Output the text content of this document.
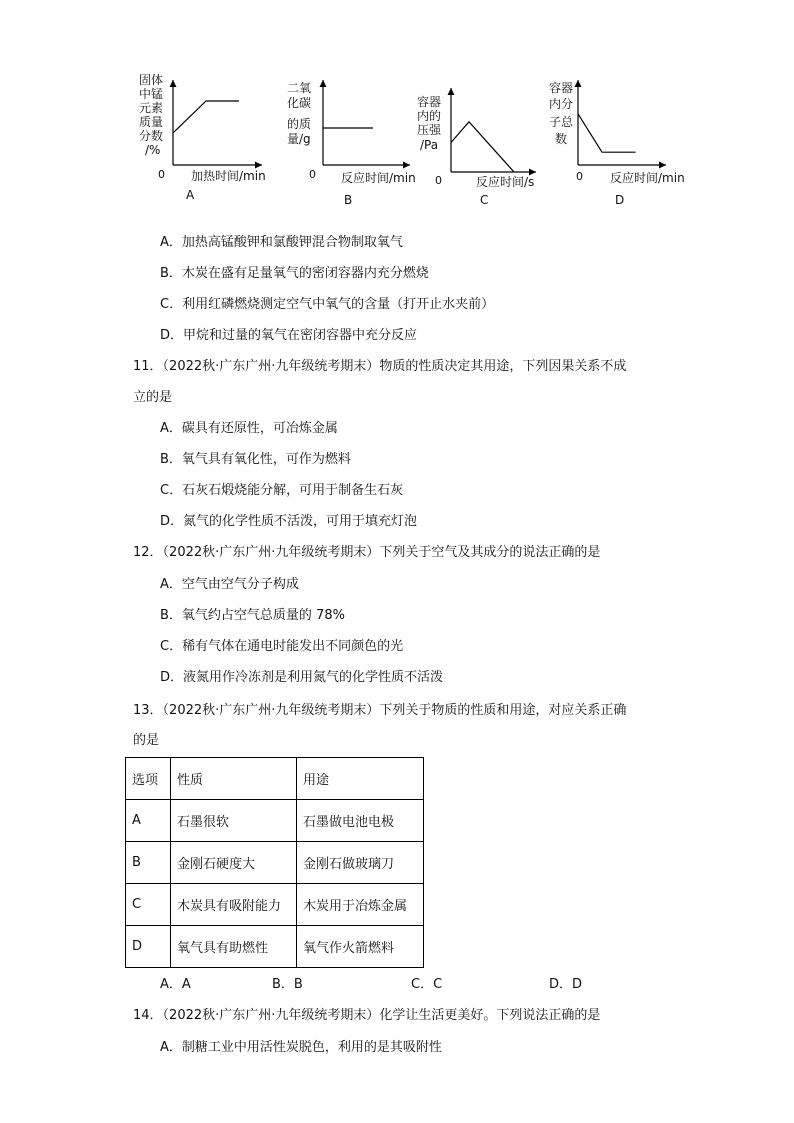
固体
中锰
元素
质量
分数
/%
0 加热时间/min
A
二氧
化碳
的质
量/g
0 反应时间/min
B
容器
内的
压强
/Pa
0	反应时间/s
C
容器
内分
子总
数
0 反应时间/min
D
A．加热高锰酸钾和氯酸钾混合物制取氧气
B．木炭在盛有足量氧气的密闭容器内充分燃烧
C．利用红磷燃烧测定空气中氧气的含量（打开止水夹前）
D．甲烷和过量的氧气在密闭容器中充分反应
11．（2022秋·广东广州·九年级统考期末）物质的性质决定其用途，下列因果关系不成
立的是
A．碳具有还原性，可冶炼金属
B．氧气具有氧化性，可作为燃料
C．石灰石煅烧能分解，可用于制备生石灰
D．氮气的化学性质不活泼，可用于填充灯泡
12．（2022秋·广东广州·九年级统考期末）下列关于空气及其成分的说法正确的是
A．空气由空气分子构成
B．氧气约占空气总质量的 78%
C．稀有气体在通电时能发出不同颜色的光
D．液氮用作冷冻剂是利用氮气的化学性质不活泼
13．（2022秋·广东广州·九年级统考期末）下列关于物质的性质和用途，对应关系正确
的是
选项	性质	用途
A	石墨很软	石墨做电池电极
B	金刚石硬度大	金刚石做玻璃刀
C	木炭具有吸附能力	木炭用于冶炼金属
D	氧气具有助燃性	氧气作火箭燃料
A．A	B．B	C．C	D．D
14．（2022秋·广东广州·九年级统考期末）化学让生活更美好。下列说法正确的是
A．制糖工业中用活性炭脱色，利用的是其吸附性
